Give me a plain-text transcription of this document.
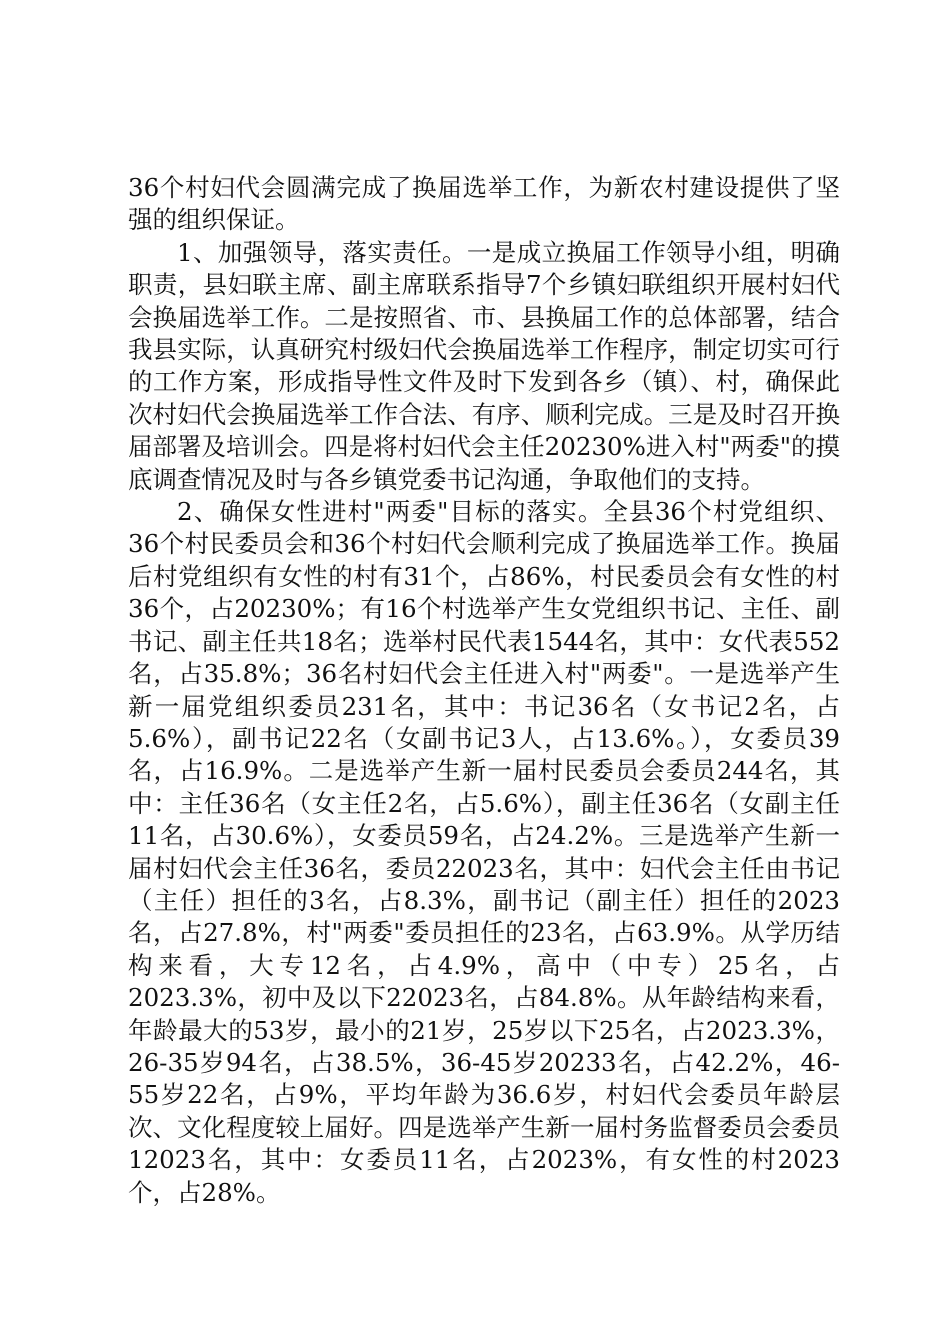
36个村妇代会圆满完成了换届选举工作，为新农村建设提供了坚强的组织保证。

1、加强领导，落实责任。一是成立换届工作领导小组，明确职责，县妇联主席、副主席联系指导7个乡镇妇联组织开展村妇代会换届选举工作。二是按照省、市、县换届工作的总体部署，结合我县实际，认真研究村级妇代会换届选举工作程序，制定切实可行的工作方案，形成指导性文件及时下发到各乡（镇）、村，确保此次村妇代会换届选举工作合法、有序、顺利完成。三是及时召开换届部署及培训会。四是将村妇代会主任20230%进入村"两委"的摸底调查情况及时与各乡镇党委书记沟通，争取他们的支持。

2、确保女性进村"两委"目标的落实。全县36个村党组织、36个村民委员会和36个村妇代会顺利完成了换届选举工作。换届后村党组织有女性的村有31个，占86%，村民委员会有女性的村36个，占20230%；有16个村选举产生女党组织书记、主任、副书记、副主任共18名；选举村民代表1544名，其中：女代表552名，占35.8%；36名村妇代会主任进入村"两委"。一是选举产生新一届党组织委员231名，其中：书记36名（女书记2名，占5.6%），副书记22名（女副书记3人，占13.6%。），女委员39名，占16.9%。二是选举产生新一届村民委员会委员244名，其中：主任36名（女主任2名，占5.6%），副主任36名（女副主任11名，占30.6%），女委员59名，占24.2%。三是选举产生新一届村妇代会主任36名，委员22023名，其中：妇代会主任由书记（主任）担任的3名，占8.3%，副书记（副主任）担任的2023名，占27.8%，村"两委"委员担任的23名，占63.9%。从学历结构来看，大专12名，占4.9%，高中（中专）25名，占2023.3%，初中及以下22023名，占84.8%。从年龄结构来看，年龄最大的53岁，最小的21岁，25岁以下25名，占2023.3%，26-35岁94名，占38.5%，36-45岁20233名，占42.2%，46-55岁22名，占9%，平均年龄为36.6岁，村妇代会委员年龄层次、文化程度较上届好。四是选举产生新一届村务监督委员会委员12023名，其中：女委员11名，占2023%，有女性的村2023个，占28%。
